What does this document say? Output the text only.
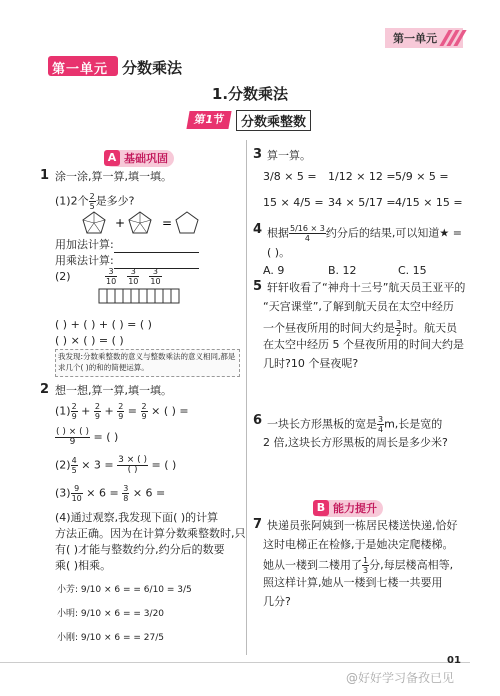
第一单元
第一单元 分数乘法
1.分数乘法
第1节	分数乘整数
基础巩固
A
1 涂一涂,算一算,填一填。
(1)2个 $\frac{2}{5}$ 是多少?
+	=
用加法计算:
用乘法计算:
(2)	$\frac{3}{10} \frac{3}{10} \frac{3}{10}$
( ) + ( ) + ( ) = ( )
( ) × ( ) = ( )
我发现:分数乘整数的意义与整数乘法的意义相同,都是求几个( )的和的简便运算。
2 想一想,算一算,填一填。
$(1) \frac{2}{9} + \frac{2}{9} + \frac{2}{9} = \frac{2}{9}$ × ( ) =
$\frac{( ) \times ( )}{9}$ = ( )
$(2) \frac{4}{5} \times 3 = \frac{3 \times ( )}{( )}$ = ( )
$(3) \frac{9}{10} \times 6 = \frac{3}{8} \times 6$ =
(4)通过观察,我发现下面( )的计算
方法正确。因为在计算分数乘整数时,只
有( )才能与整数约分,约分后的数要
乘( )相乘。
小芳: 9/10 × 6 = = 6/10 = 3/5
小明: 9/10 × 6 = = 3/20
小刚: 9/10 × 6 = = 27/5
3 算一算。
3/8 × 5 = 1/12 × 12 = 5/9 × 5 =
15 × 4/5 = 34 × 5/17 = 4/15 × 15 =
4 根据 $\frac{5/16 \times 3}{4}$ 约分后的结果,可以知道★ =
( )。
A. 9	B. 12	C. 15
5 轩轩收看了“神舟十三号”航天员王亚平的
“天宫课堂”,了解到航天员在太空中经历
一个昼夜所用的时间大约是 $\frac{3}{2}$ 时。航天员
在太空中经历 5 个昼夜所用的时间大约是
几时?10 个昼夜呢?
6 一块长方形黑板的宽是 $\frac{3}{4} m$,长是宽的
2 倍,这块长方形黑板的周长是多少米?
能力提升
B
7 快递员张阿姨到一栋居民楼送快递,恰好
这时电梯正在检修,于是她决定爬楼梯。
她从一楼到二楼用了 $\frac{1}{3}$ 分,每层楼高相等,
照这样计算,她从一楼到七楼一共要用
几分?
01
@好好学习备孜已见
